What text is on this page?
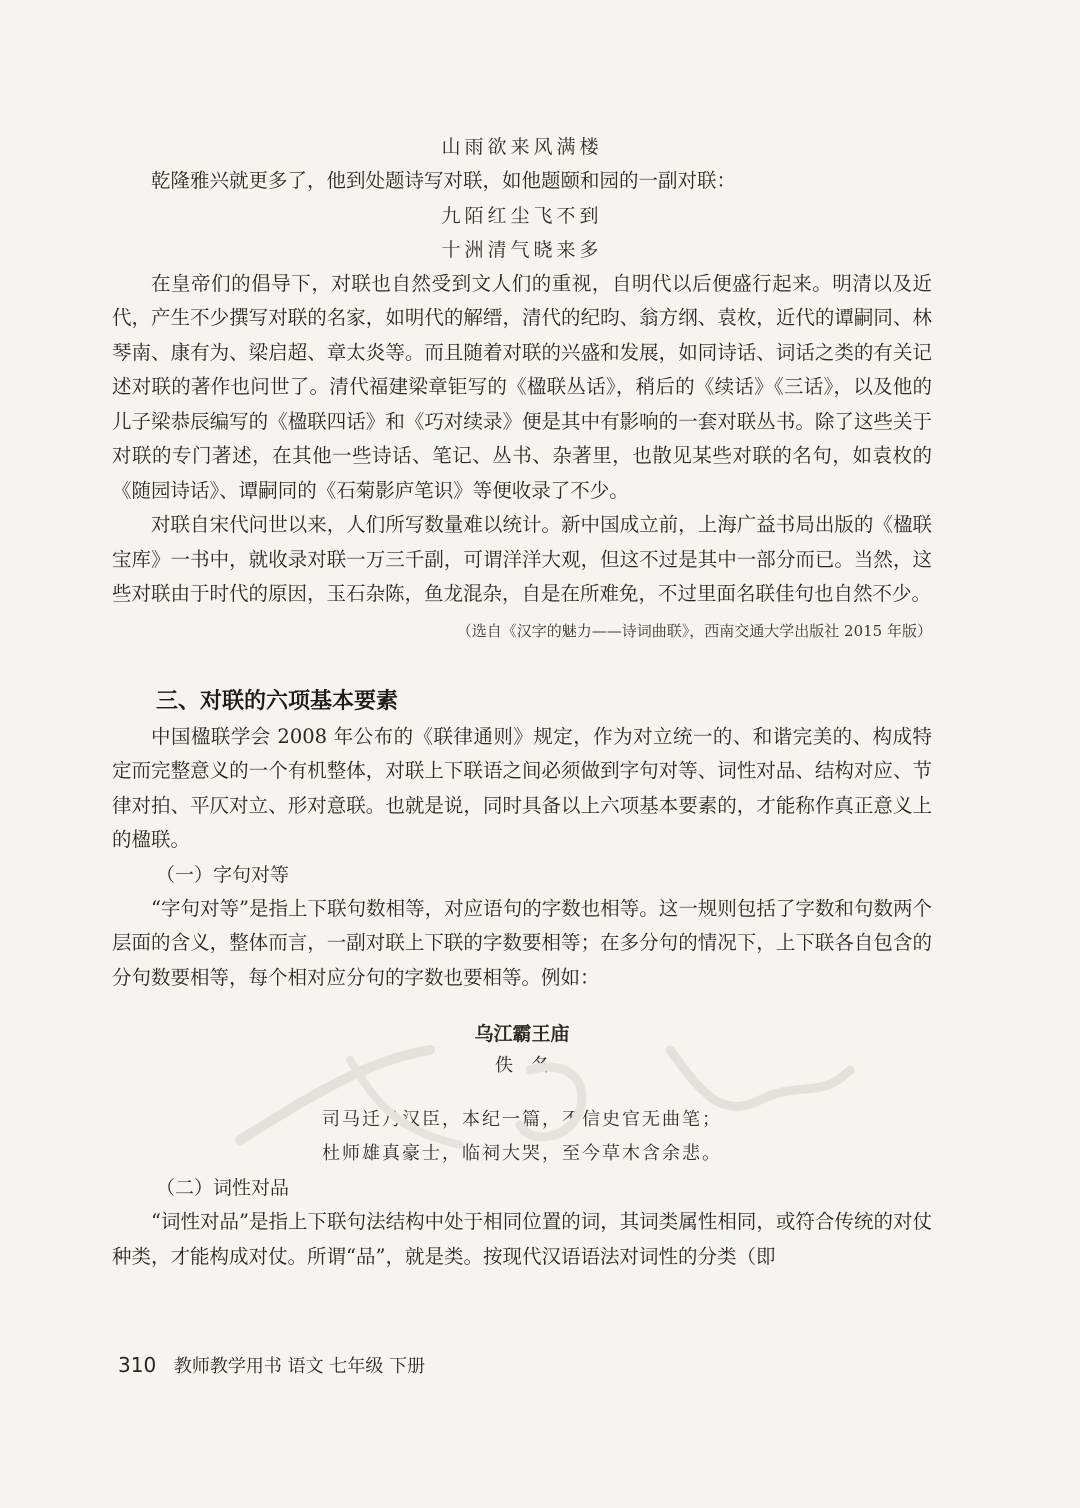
山雨欲来风满楼

乾隆雅兴就更多了，他到处题诗写对联，如他题颐和园的一副对联：

九陌红尘飞不到
十洲清气晓来多

在皇帝们的倡导下，对联也自然受到文人们的重视，自明代以后便盛行起来。明清以及近代，产生不少撰写对联的名家，如明代的解缙，清代的纪昀、翁方纲、袁枚，近代的谭嗣同、林琴南、康有为、梁启超、章太炎等。而且随着对联的兴盛和发展，如同诗话、词话之类的有关记述对联的著作也问世了。清代福建梁章钜写的《楹联丛话》，稍后的《续话》《三话》，以及他的儿子梁恭辰编写的《楹联四话》和《巧对续录》便是其中有影响的一套对联丛书。除了这些关于对联的专门著述，在其他一些诗话、笔记、丛书、杂著里，也散见某些对联的名句，如袁枚的《随园诗话》、谭嗣同的《石菊影庐笔识》等便收录了不少。

对联自宋代问世以来，人们所写数量难以统计。新中国成立前，上海广益书局出版的《楹联宝库》一书中，就收录对联一万三千副，可谓洋洋大观，但这不过是其中一部分而已。当然，这些对联由于时代的原因，玉石杂陈，鱼龙混杂，自是在所难免，不过里面名联佳句也自然不少。

（选自《汉字的魅力——诗词曲联》，西南交通大学出版社 2015 年版）
三、对联的六项基本要素

中国楹联学会 2008 年公布的《联律通则》规定，作为对立统一的、和谐完美的、构成特定而完整意义的一个有机整体，对联上下联语之间必须做到字句对等、词性对品、结构对应、节律对拍、平仄对立、形对意联。也就是说，同时具备以上六项基本要素的，才能称作真正意义上的楹联。

（一）字句对等

“字句对等”是指上下联句数相等，对应语句的字数也相等。这一规则包括了字数和句数两个层面的含义，整体而言，一副对联上下联的字数要相等；在多分句的情况下，上下联各自包含的分句数要相等，每个相对应分句的字数也要相等。例如：

乌江霸王庙
佚名
司马迁乃汉臣，本纪一篇，不信史官无曲笔；
杜师雄真豪士，临祠大哭，至今草木含余悲。

（二）词性对品

“词性对品”是指上下联句法结构中处于相同位置的词，其词类属性相同，或符合传统的对仗种类，才能构成对仗。所谓“品”，就是类。按现代汉语语法对词性的分类（即

310 教师教学用书 语文 七年级 下册
